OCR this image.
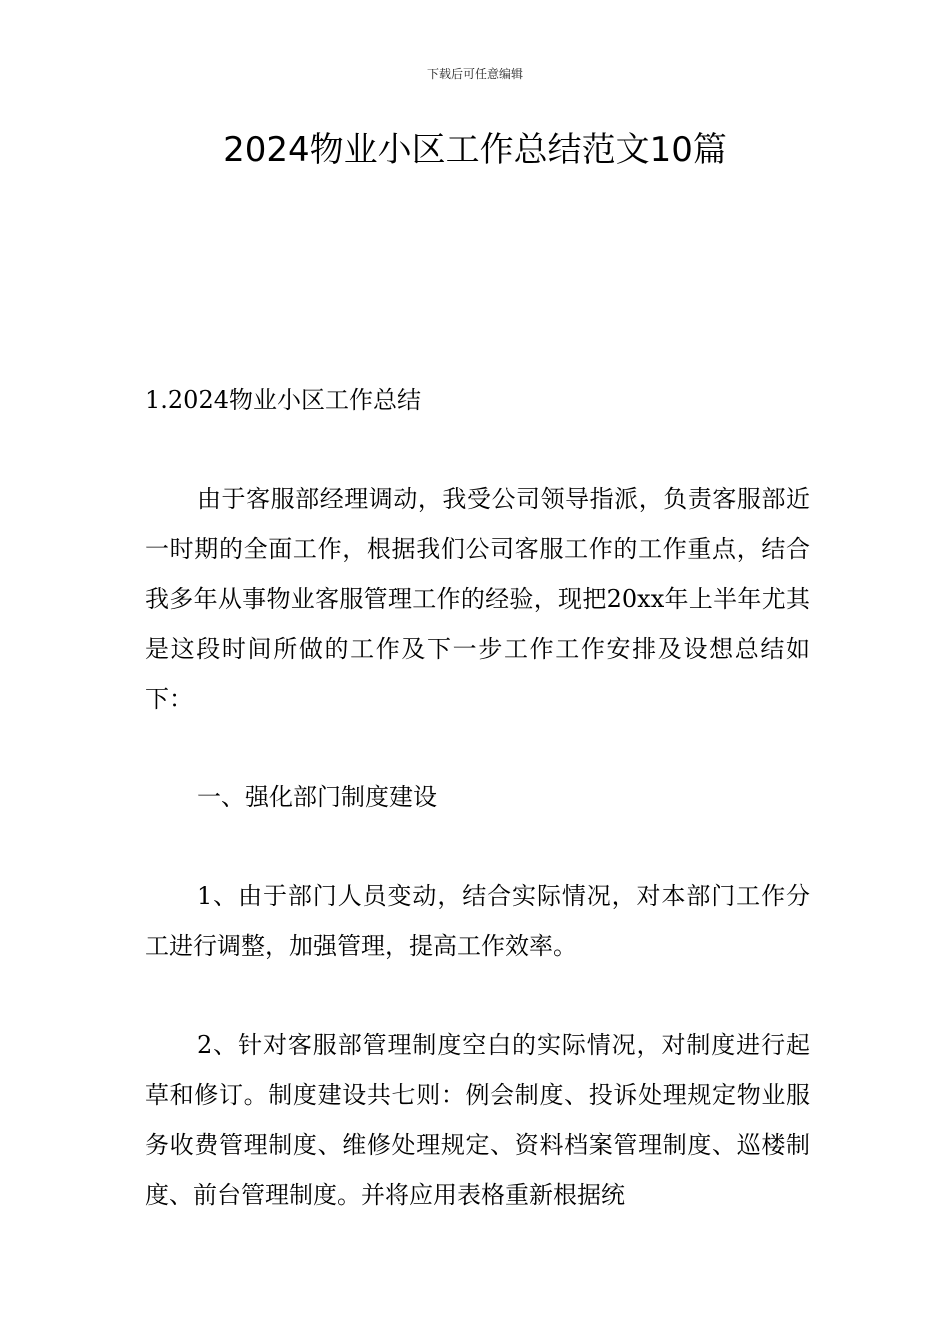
下载后可任意编辑
2024物业小区工作总结范文10篇

1.2024物业小区工作总结

由于客服部经理调动，我受公司领导指派，负责客服部近一时期的全面工作，根据我们公司客服工作的工作重点，结合我多年从事物业客服管理工作的经验，现把20xx年上半年尤其是这段时间所做的工作及下一步工作工作安排及设想总结如下：

一、强化部门制度建设

1、由于部门人员变动，结合实际情况，对本部门工作分工进行调整，加强管理，提高工作效率。

2、针对客服部管理制度空白的实际情况，对制度进行起草和修订。制度建设共七则：例会制度、投诉处理规定物业服务收费管理制度、维修处理规定、资料档案管理制度、巡楼制度、前台管理制度。并将应用表格重新根据统
